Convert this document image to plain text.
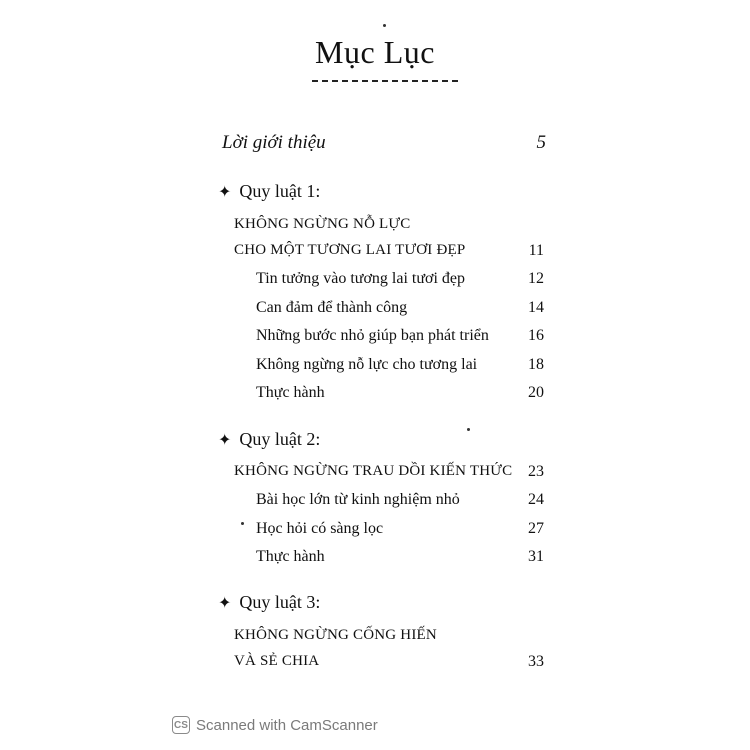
Mục Lục
Lời giới thiệu	5
✦ Quy luật 1:
KHÔNG NGỪNG NỖ LỰC
CHO MỘT TƯƠNG LAI TƯƠI ĐẸP	11
Tin tưởng vào tương lai tươi đẹp	12
Can đảm để thành công	14
Những bước nhỏ giúp bạn phát triển	16
Không ngừng nỗ lực cho tương lai	18
Thực hành	20
✦ Quy luật 2:
KHÔNG NGỪNG TRAU DỒI KIẾN THỨC 23
Bài học lớn từ kinh nghiệm nhỏ	24
Học hỏi có sàng lọc	27
Thực hành	31
✦ Quy luật 3:
KHÔNG NGỪNG CỐNG HIẾN
VÀ SẺ CHIA	33
CS Scanned with CamScanner
